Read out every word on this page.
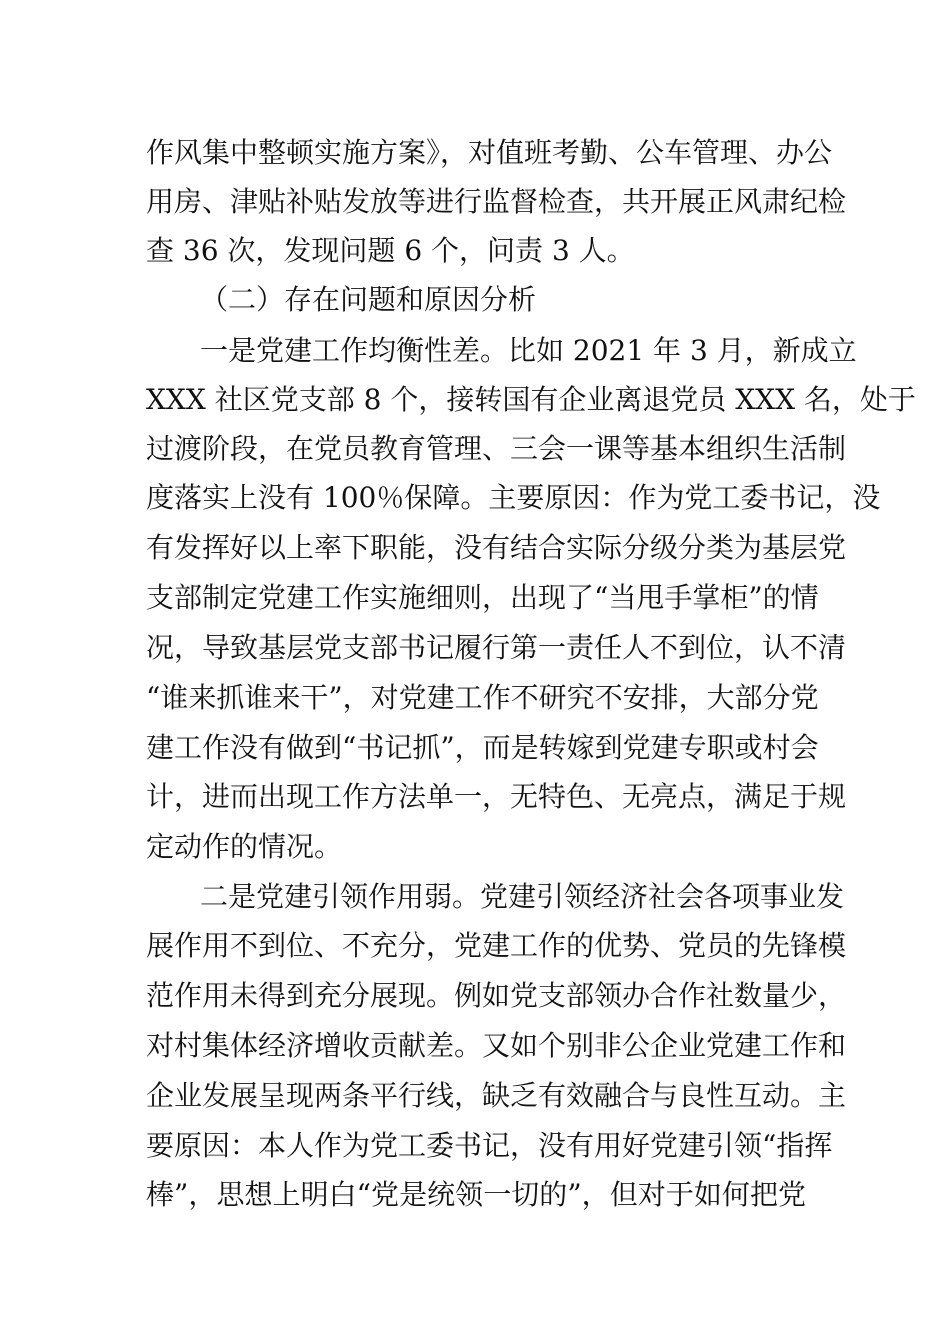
作风集中整顿实施方案》，对值班考勤、公车管理、办公
用房、津贴补贴发放等进行监督检查，共开展正风肃纪检
查 36 次，发现问题 6 个，问责 3 人。
（二）存在问题和原因分析
一是党建工作均衡性差。比如 2021 年 3 月，新成立
XXX 社区党支部 8 个，接转国有企业离退党员 XXX 名，处于
过渡阶段，在党员教育管理、三会一课等基本组织生活制
度落实上没有 100％保障。主要原因：作为党工委书记，没
有发挥好以上率下职能，没有结合实际分级分类为基层党
支部制定党建工作实施细则，出现了“当甩手掌柜”的情
况，导致基层党支部书记履行第一责任人不到位，认不清
“谁来抓谁来干”，对党建工作不研究不安排，大部分党
建工作没有做到“书记抓”，而是转嫁到党建专职或村会
计，进而出现工作方法单一，无特色、无亮点，满足于规
定动作的情况。
二是党建引领作用弱。党建引领经济社会各项事业发
展作用不到位、不充分，党建工作的优势、党员的先锋模
范作用未得到充分展现。例如党支部领办合作社数量少，
对村集体经济增收贡献差。又如个别非公企业党建工作和
企业发展呈现两条平行线，缺乏有效融合与良性互动。主
要原因：本人作为党工委书记，没有用好党建引领“指挥
棒”，思想上明白“党是统领一切的”，但对于如何把党
